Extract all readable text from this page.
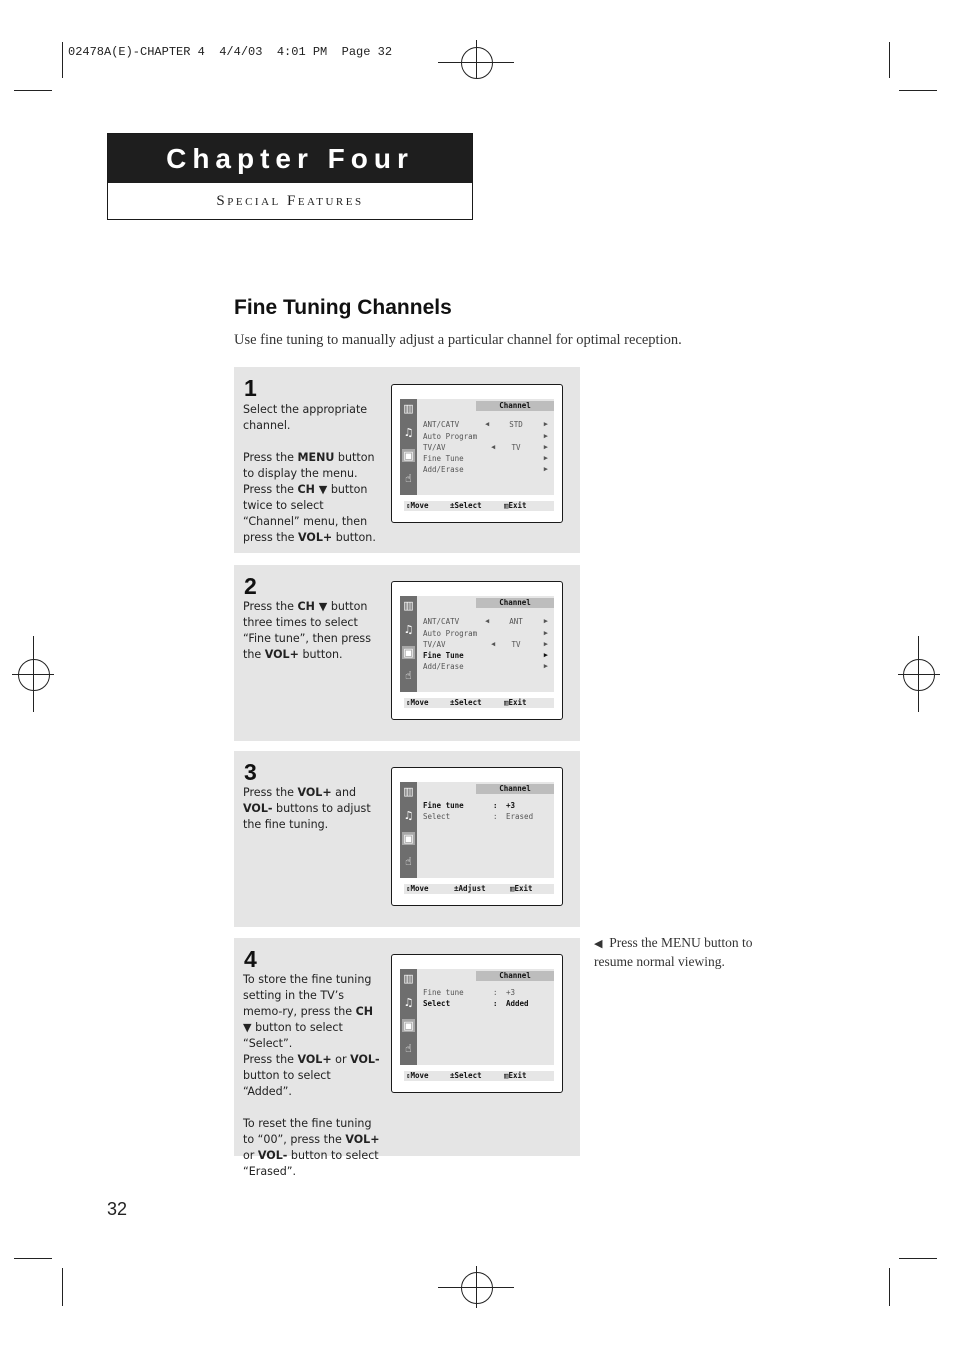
02478A(E)-CHAPTER 4  4/4/03  4:01 PM  Page 32
Chapter Four
Special Features
Fine Tuning Channels
Use fine tuning to manually adjust a particular channel for optimal reception.
1

Select the appropriate channel.

Press the MENU button to display the menu.
Press the CH ▼ button twice to select “Channel” menu, then press the VOL+ button.

▥
♫
▣
☝
Channel
ANT/CATV	◀	STD	▶
Auto Program	▶
TV/AV	◀	TV	▶
Fine Tune	▶
Add/Erase	▶
⇕ Move	± Select	▥ Exit
2

Press the CH ▼ button three times to select “Fine tune”, then press the VOL+ button.

▥
♫
▣
☝
Channel
ANT/CATV	◀	ANT	▶
Auto Program	▶
TV/AV	◀	TV	▶
Fine Tune	▶
Add/Erase	▶
⇕ Move	± Select	▥ Exit
3

Press the VOL+ and VOL- buttons to adjust the fine tuning.

▥
♫
▣
☝
Channel
Fine tune	: +3
Select	: Erased
⇕ Move	± Adjust	▥ Exit
4

To store the fine tuning setting in the TV’s memo-ry, press the CH ▼ button to select “Select”.
Press the VOL+ or VOL- button to select “Added”.

To reset the fine tuning to “00”, press the VOL+ or VOL- button to select “Erased”.

▥
♫
▣
☝
Channel
Fine tune	: +3
Select	: Added
⇕ Move	± Select	▥ Exit
◀ Press the MENU button to resume normal viewing.
32
